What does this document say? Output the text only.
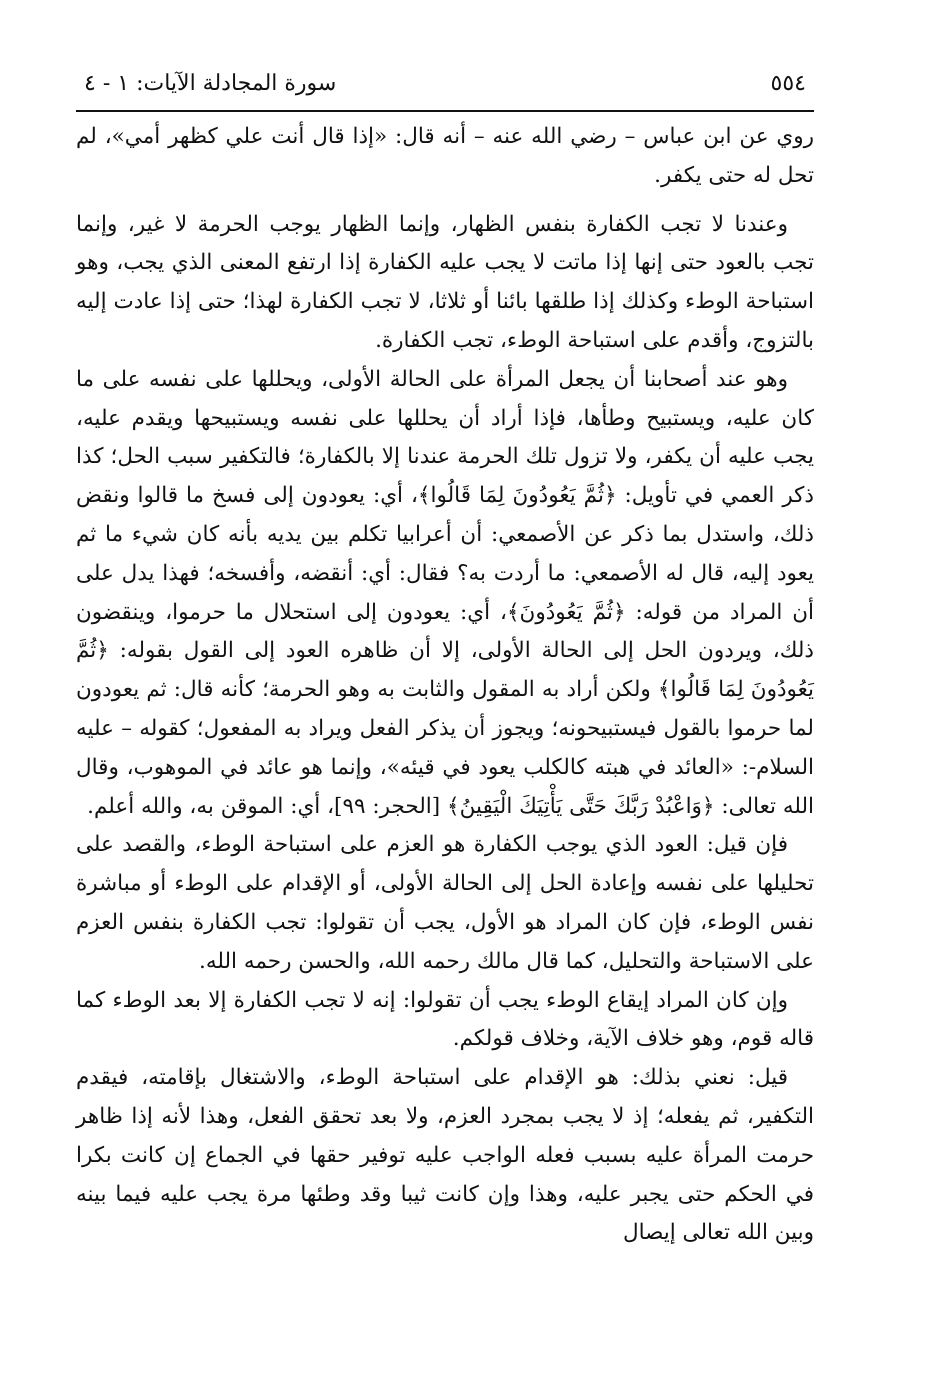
٥٥٤
سورة المجادلة الآيات: ١ - ٤

روي عن ابن عباس – رضي الله عنه – أنه قال: «إذا قال أنت علي كظهر أمي»، لم تحل له حتى يكفر.

وعندنا لا تجب الكفارة بنفس الظهار، وإنما الظهار يوجب الحرمة لا غير، وإنما تجب بالعود حتى إنها إذا ماتت لا يجب عليه الكفارة إذا ارتفع المعنى الذي يجب، وهو استباحة الوطء وكذلك إذا طلقها بائنا أو ثلاثا، لا تجب الكفارة لهذا؛ حتى إذا عادت إليه بالتزوج، وأقدم على استباحة الوطء، تجب الكفارة.

وهو عند أصحابنا أن يجعل المرأة على الحالة الأولى، ويحللها على نفسه على ما كان عليه، ويستبيح وطأها، فإذا أراد أن يحللها على نفسه ويستبيحها ويقدم عليه، يجب عليه أن يكفر، ولا تزول تلك الحرمة عندنا إلا بالكفارة؛ فالتكفير سبب الحل؛ كذا ذكر العمي في تأويل: ﴿ثُمَّ يَعُودُونَ لِمَا قَالُوا﴾، أي: يعودون إلى فسخ ما قالوا ونقض ذلك، واستدل بما ذكر عن الأصمعي: أن أعرابيا تكلم بين يديه بأنه كان شيء ما ثم يعود إليه، قال له الأصمعي: ما أردت به؟ فقال: أي: أنقضه، وأفسخه؛ فهذا يدل على أن المراد من قوله: ﴿ثُمَّ يَعُودُونَ﴾، أي: يعودون إلى استحلال ما حرموا، وينقضون ذلك، ويردون الحل إلى الحالة الأولى، إلا أن ظاهره العود إلى القول بقوله: ﴿ثُمَّ يَعُودُونَ لِمَا قَالُوا﴾ ولكن أراد به المقول والثابت به وهو الحرمة؛ كأنه قال: ثم يعودون لما حرموا بالقول فيستبيحونه؛ ويجوز أن يذكر الفعل ويراد به المفعول؛ كقوله – عليه السلام-: «العائد في هبته كالكلب يعود في قيئه»، وإنما هو عائد في الموهوب، وقال الله تعالى: ﴿وَاعْبُدْ رَبَّكَ حَتَّى يَأْتِيَكَ الْيَقِينُ﴾ [الحجر: ٩٩]، أي: الموقن به، والله أعلم.

فإن قيل: العود الذي يوجب الكفارة هو العزم على استباحة الوطء، والقصد على تحليلها على نفسه وإعادة الحل إلى الحالة الأولى، أو الإقدام على الوطء أو مباشرة نفس الوطء، فإن كان المراد هو الأول، يجب أن تقولوا: تجب الكفارة بنفس العزم على الاستباحة والتحليل، كما قال مالك رحمه الله، والحسن رحمه الله.

وإن كان المراد إيقاع الوطء يجب أن تقولوا: إنه لا تجب الكفارة إلا بعد الوطء كما قاله قوم، وهو خلاف الآية، وخلاف قولكم.

قيل: نعني بذلك: هو الإقدام على استباحة الوطء، والاشتغال بإقامته، فيقدم التكفير، ثم يفعله؛ إذ لا يجب بمجرد العزم، ولا بعد تحقق الفعل، وهذا لأنه إذا ظاهر حرمت المرأة عليه بسبب فعله الواجب عليه توفير حقها في الجماع إن كانت بكرا في الحكم حتى يجبر عليه، وهذا وإن كانت ثيبا وقد وطئها مرة يجب عليه فيما بينه وبين الله تعالى إيصال
